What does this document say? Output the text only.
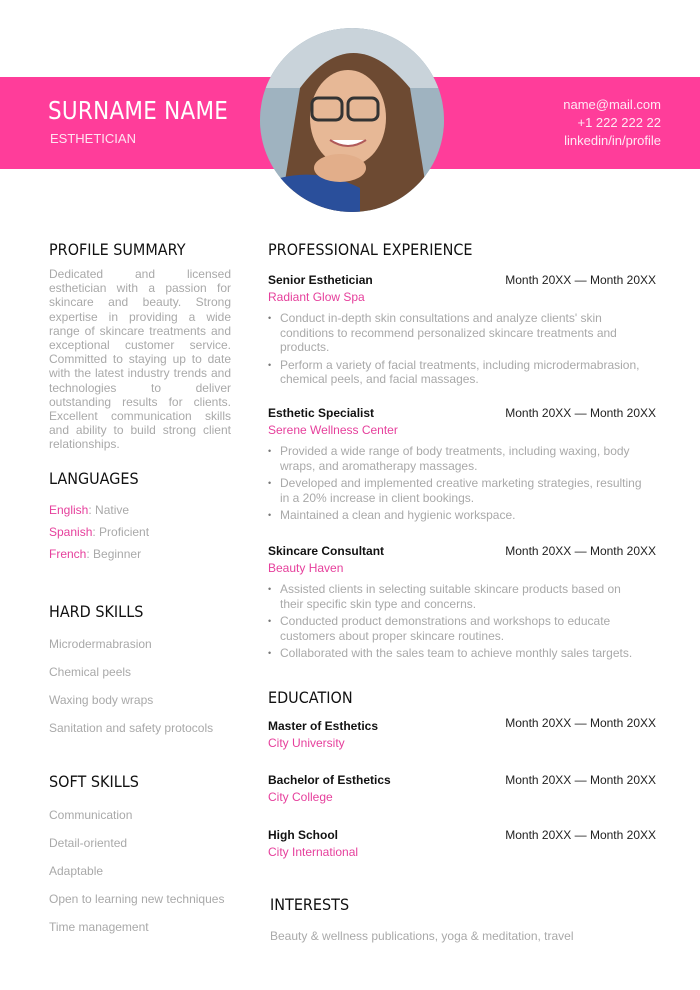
SURNAME NAME
ESTHETICIAN
name@mail.com
+1 222 222 22
linkedin/in/profile
PROFILE SUMMARY
Dedicated and licensed esthetician with a passion for skincare and beauty. Strong expertise in providing a wide range of skincare treatments and exceptional customer service. Committed to staying up to date with the latest industry trends and technologies to deliver outstanding results for clients. Excellent communication skills and ability to build strong client relationships.
LANGUAGES
English: Native
Spanish: Proficient
French: Beginner
HARD SKILLS
Microdermabrasion
Chemical peels
Waxing body wraps
Sanitation and safety protocols
SOFT SKILLS
Communication
Detail-oriented
Adaptable
Open to learning new techniques
Time management
PROFESSIONAL EXPERIENCE
Senior Esthetician	Month 20XX — Month 20XX
Radiant Glow Spa
• Conduct in-depth skin consultations and analyze clients' skin conditions to recommend personalized skincare treatments and products.
• Perform a variety of facial treatments, including microdermabrasion, chemical peels, and facial massages.
Esthetic Specialist	Month 20XX — Month 20XX
Serene Wellness Center
• Provided a wide range of body treatments, including waxing, body wraps, and aromatherapy massages.
• Developed and implemented creative marketing strategies, resulting in a 20% increase in client bookings.
• Maintained a clean and hygienic workspace.
Skincare Consultant	Month 20XX — Month 20XX
Beauty Haven
• Assisted clients in selecting suitable skincare products based on their specific skin type and concerns.
• Conducted product demonstrations and workshops to educate customers about proper skincare routines.
• Collaborated with the sales team to achieve monthly sales targets.
EDUCATION
Master of Esthetics	Month 20XX — Month 20XX
City University
Bachelor of Esthetics	Month 20XX — Month 20XX
City College
High School	Month 20XX — Month 20XX
City International
INTERESTS
Beauty & wellness publications, yoga & meditation, travel
